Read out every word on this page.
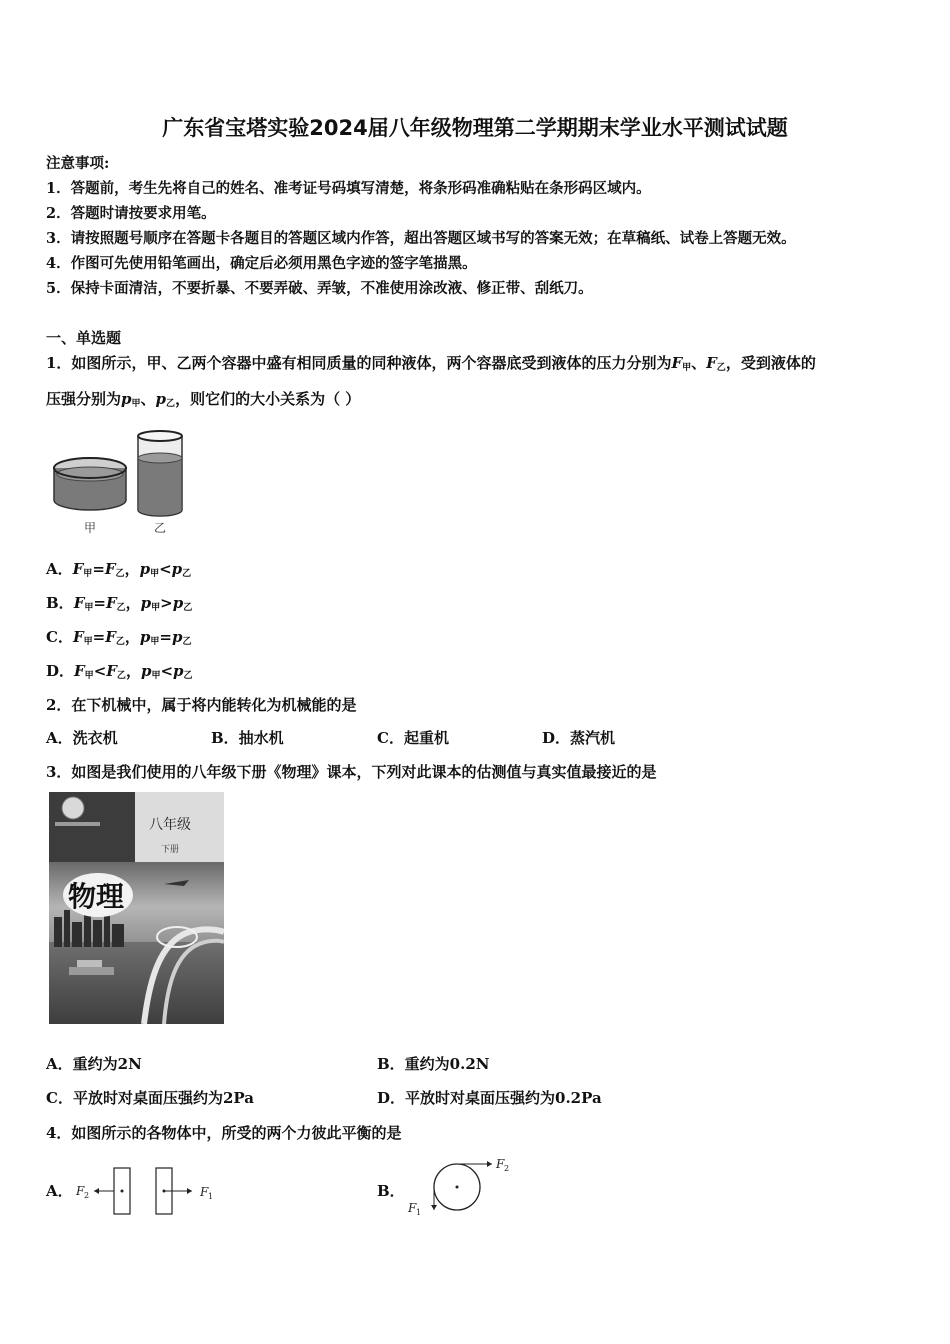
广东省宝塔实验2024届八年级物理第二学期期末学业水平测试试题
注意事项:
1．答题前，考生先将自己的姓名、准考证号码填写清楚，将条形码准确粘贴在条形码区域内。
2．答题时请按要求用笔。
3．请按照题号顺序在答题卡各题目的答题区域内作答，超出答题区域书写的答案无效；在草稿纸、试卷上答题无效。
4．作图可先使用铅笔画出，确定后必须用黑色字迹的签字笔描黑。
5．保持卡面清洁，不要折暴、不要弄破、弄皱，不准使用涂改液、修正带、刮纸刀。
一、单选题
1．如图所示，甲、乙两个容器中盛有相同质量的同种液体，两个容器底受到液体的压力分别为$F_甲$、$F_乙$，受到液体的
压强分别为$p_甲$、$p_乙$，则它们的大小关系为（ ）
甲	乙
A．$F_甲=F_乙$，$p_甲<p_乙$
B．$F_甲=F_乙$，$p_甲>p_乙$
C．$F_甲=F_乙$，$p_甲=p_乙$
D．$F_甲<F_乙$，$p_甲<p_乙$
2．在下机械中，属于将内能转化为机械能的是
A．洗衣机	B．抽水机	C．起重机	D．蒸汽机
3．如图是我们使用的八年级下册《物理》课本，下列对此课本的估测值与真实值最接近的是
八年级
下册
物理
A．重约为2N	B．重约为0.2N
C．平放时对桌面压强约为2Pa	D．平放时对桌面压强约为0.2Pa
4．如图所示的各物体中，所受的两个力彼此平衡的是
A． F 2	F 1	B．
F 2
F 1
